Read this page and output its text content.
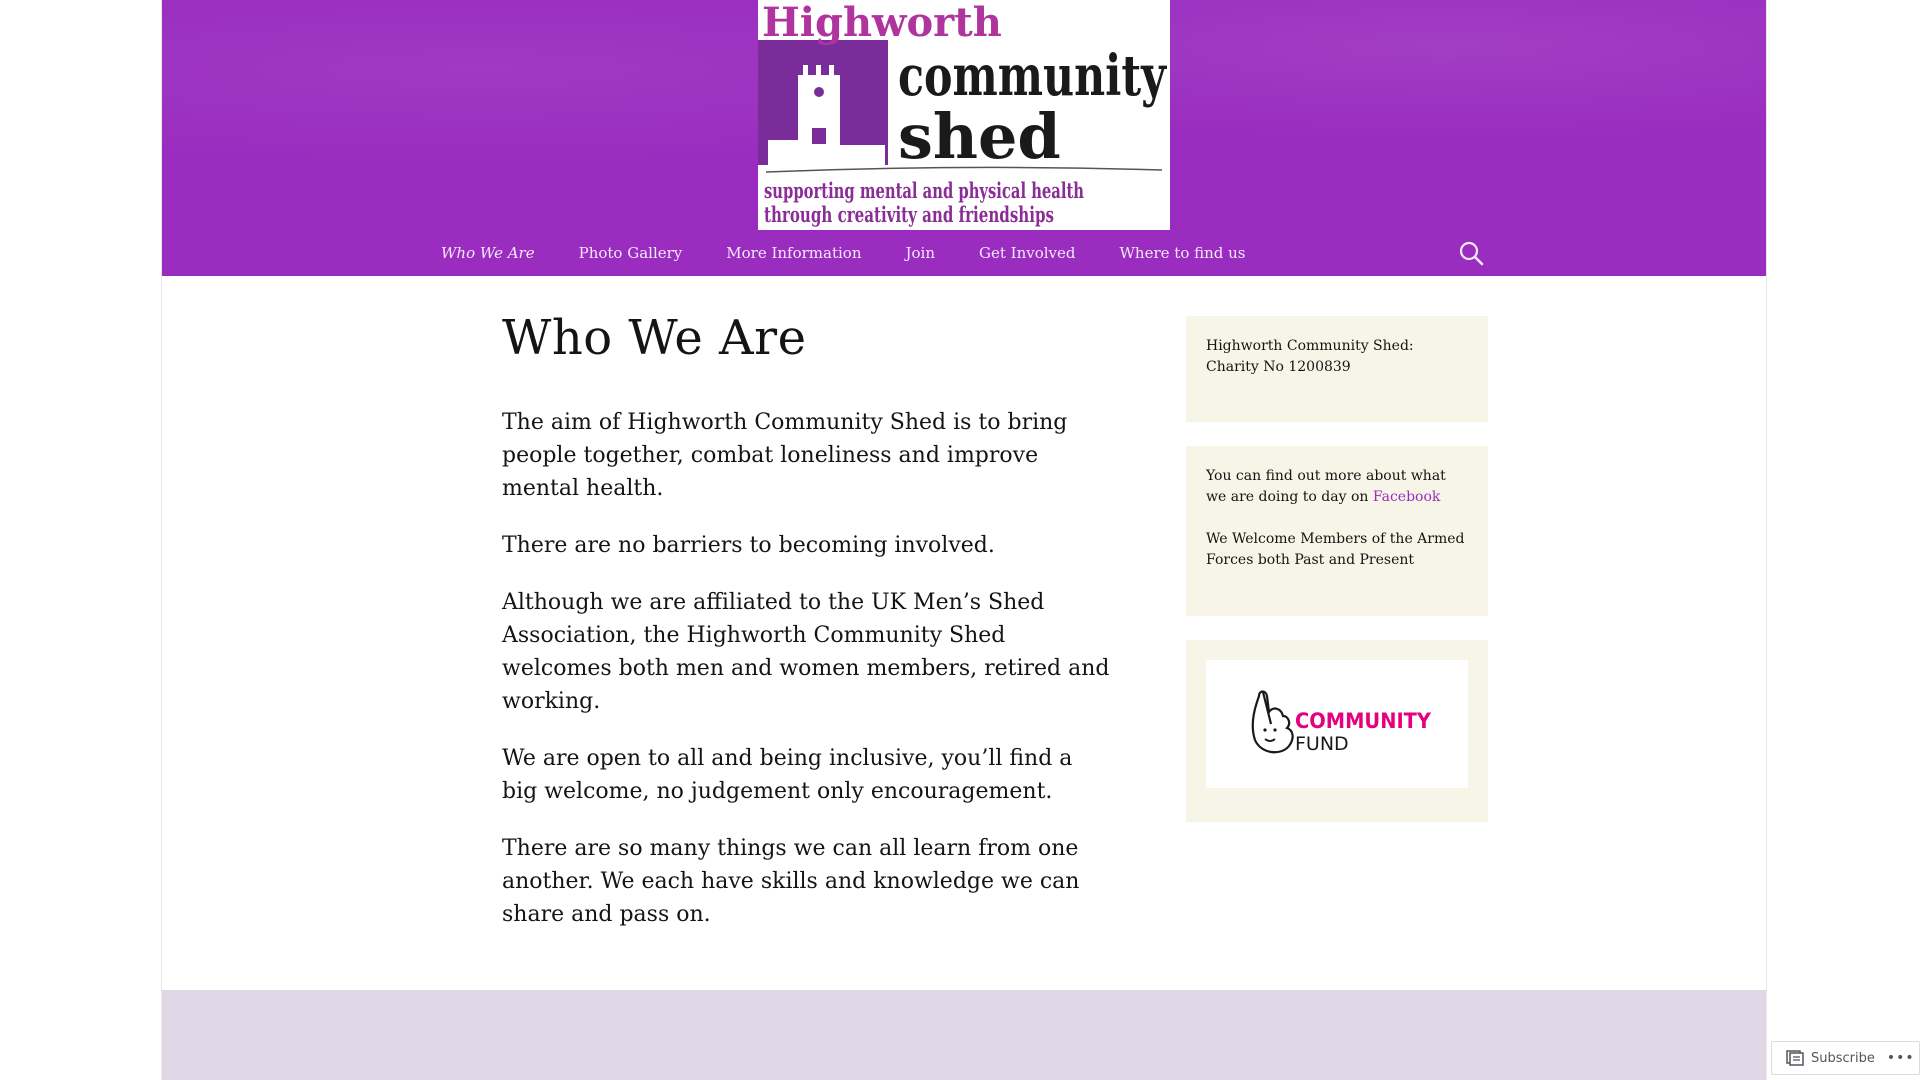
Highworth
community
shed
supporting mental and physical health
through creativity and friendships
Who We Are	Photo Gallery	More Information	Join	Get Involved	Where to find us
Who We Are

The aim of Highworth Community Shed is to bring people together, combat loneliness and improve mental health.

There are no barriers to becoming involved.

Although we are affiliated to the UK Men’s Shed Association, the Highworth Community Shed welcomes both men and women members, retired and working.

We are open to all and being inclusive, you’ll find a big welcome, no judgement only encouragement.

There are so many things we can all learn from one another. We each have skills and knowledge we can share and pass on.

Highworth Community Shed: Charity No 1200839

You can find out more about what we are doing to day on Facebook

We Welcome Members of the Armed Forces both Past and Present

COMMUNITY
FUND
Subscribe •••
